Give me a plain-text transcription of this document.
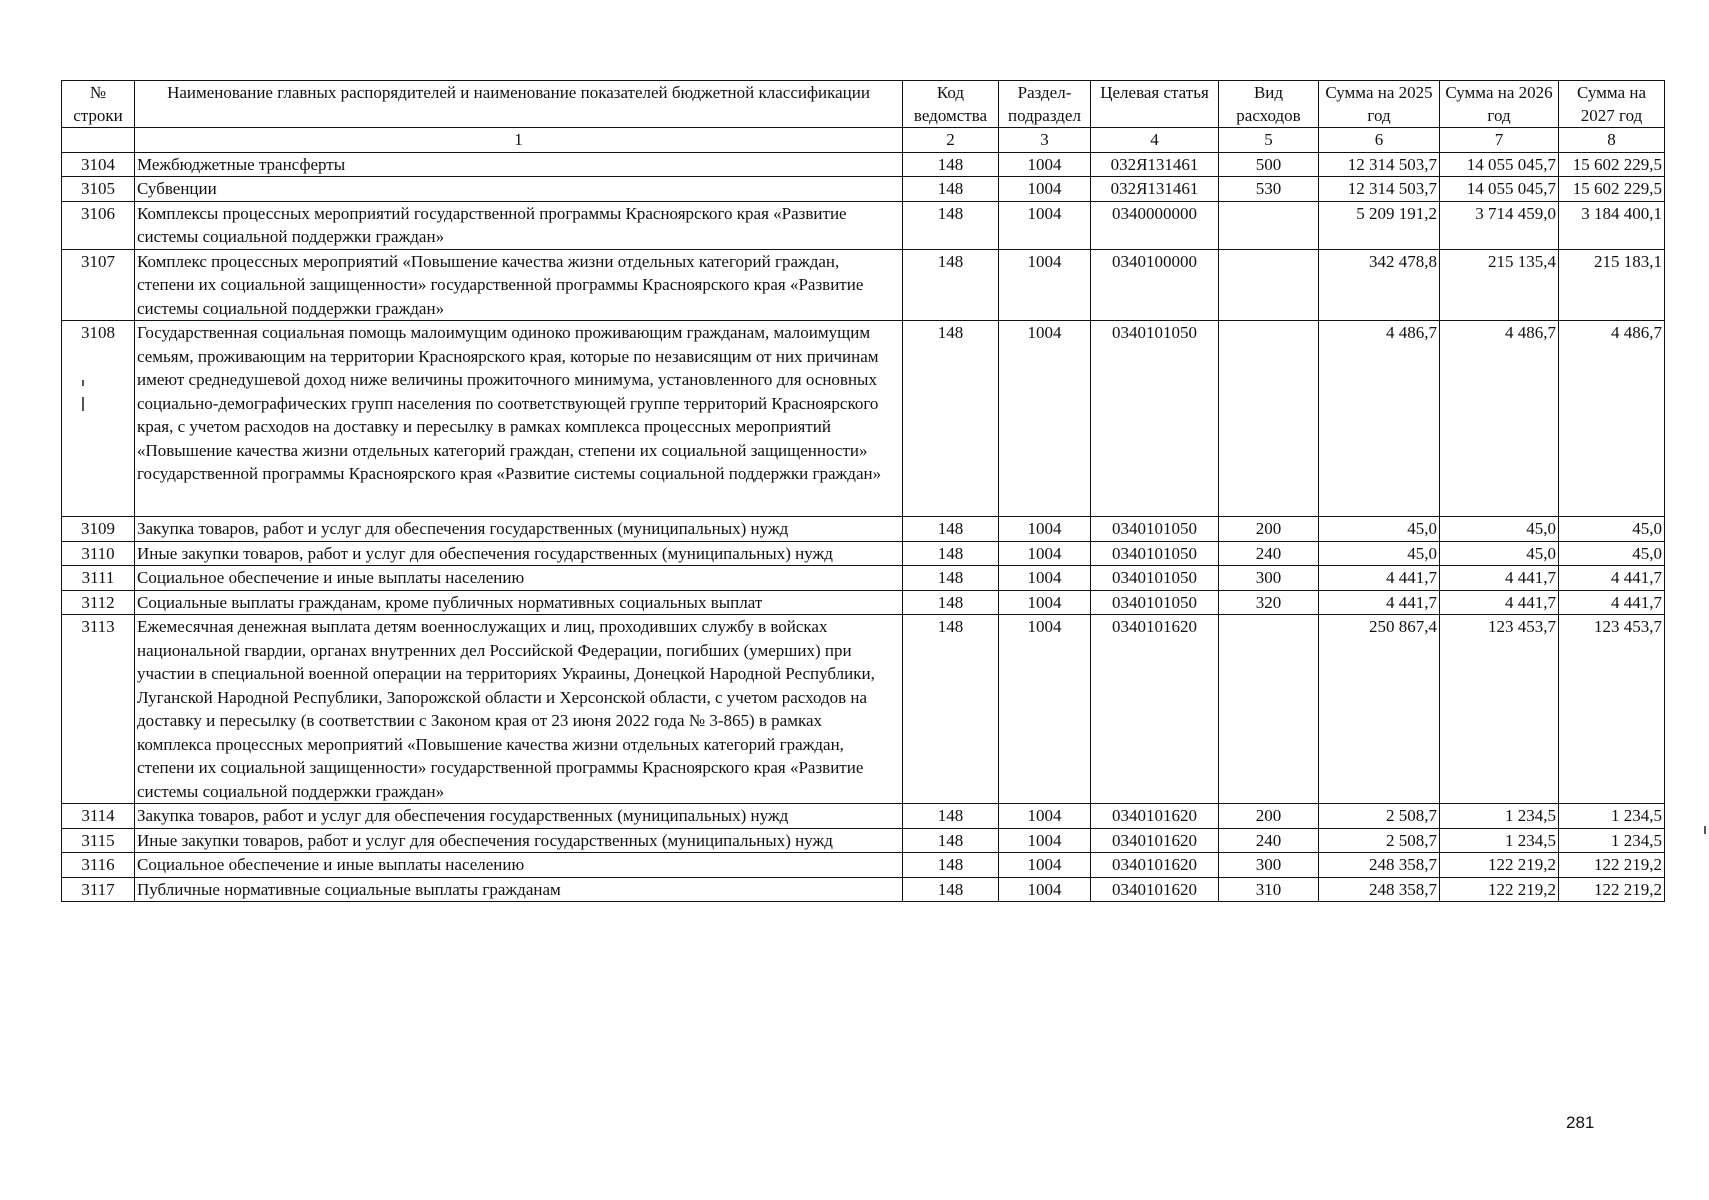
№ строки	Наименование главных распорядителей и наименование показателей бюджетной классификации	Код ведомства	Раздел-подраздел	Целевая статья	Вид расходов	Сумма на 2025 год	Сумма на 2026 год	Сумма на 2027 год
	1	2	3	4	5	6	7	8
3104	Межбюджетные трансферты	148	1004	032Я131461	500	12 314 503,7	14 055 045,7	15 602 229,5
3105	Субвенции	148	1004	032Я131461	530	12 314 503,7	14 055 045,7	15 602 229,5
3106	Комплексы процессных мероприятий государственной программы Красноярского края «Развитие системы социальной поддержки граждан»	148	1004	0340000000		5 209 191,2	3 714 459,0	3 184 400,1
3107	Комплекс процессных мероприятий «Повышение качества жизни отдельных категорий граждан, степени их социальной защищенности» государственной программы Красноярского края «Развитие системы социальной поддержки граждан»	148	1004	0340100000		342 478,8	215 135,4	215 183,1
3108	Государственная социальная помощь малоимущим одиноко проживающим гражданам, малоимущим семьям, проживающим на территории Красноярского края, которые по независящим от них причинам имеют среднедушевой доход ниже величины прожиточного минимума, установленного для основных социально-демографических групп населения по соответствующей группе территорий Красноярского края, с учетом расходов на доставку и пересылку в рамках комплекса процессных мероприятий «Повышение качества жизни отдельных категорий граждан, степени их социальной защищенности» государственной программы Красноярского края «Развитие системы социальной поддержки граждан»	148	1004	0340101050		4 486,7	4 486,7	4 486,7
3109	Закупка товаров, работ и услуг для обеспечения государственных (муниципальных) нужд	148	1004	0340101050	200	45,0	45,0	45,0
3110	Иные закупки товаров, работ и услуг для обеспечения государственных (муниципальных) нужд	148	1004	0340101050	240	45,0	45,0	45,0
3111	Социальное обеспечение и иные выплаты населению	148	1004	0340101050	300	4 441,7	4 441,7	4 441,7
3112	Социальные выплаты гражданам, кроме публичных нормативных социальных выплат	148	1004	0340101050	320	4 441,7	4 441,7	4 441,7
3113	Ежемесячная денежная выплата детям военнослужащих и лиц, проходивших службу в войсках национальной гвардии, органах внутренних дел Российской Федерации, погибших (умерших) при участии в специальной военной операции на территориях Украины, Донецкой Народной Республики, Луганской Народной Республики, Запорожской области и Херсонской области, с учетом расходов на доставку и пересылку (в соответствии с Законом края от 23 июня 2022 года № 3-865) в рамках комплекса процессных мероприятий «Повышение качества жизни отдельных категорий граждан, степени их социальной защищенности» государственной программы Красноярского края «Развитие системы социальной поддержки граждан»	148	1004	0340101620		250 867,4	123 453,7	123 453,7
3114	Закупка товаров, работ и услуг для обеспечения государственных (муниципальных) нужд	148	1004	0340101620	200	2 508,7	1 234,5	1 234,5
3115	Иные закупки товаров, работ и услуг для обеспечения государственных (муниципальных) нужд	148	1004	0340101620	240	2 508,7	1 234,5	1 234,5
3116	Социальное обеспечение и иные выплаты населению	148	1004	0340101620	300	248 358,7	122 219,2	122 219,2
3117	Публичные нормативные социальные выплаты гражданам	148	1004	0340101620	310	248 358,7	122 219,2	122 219,2
281
